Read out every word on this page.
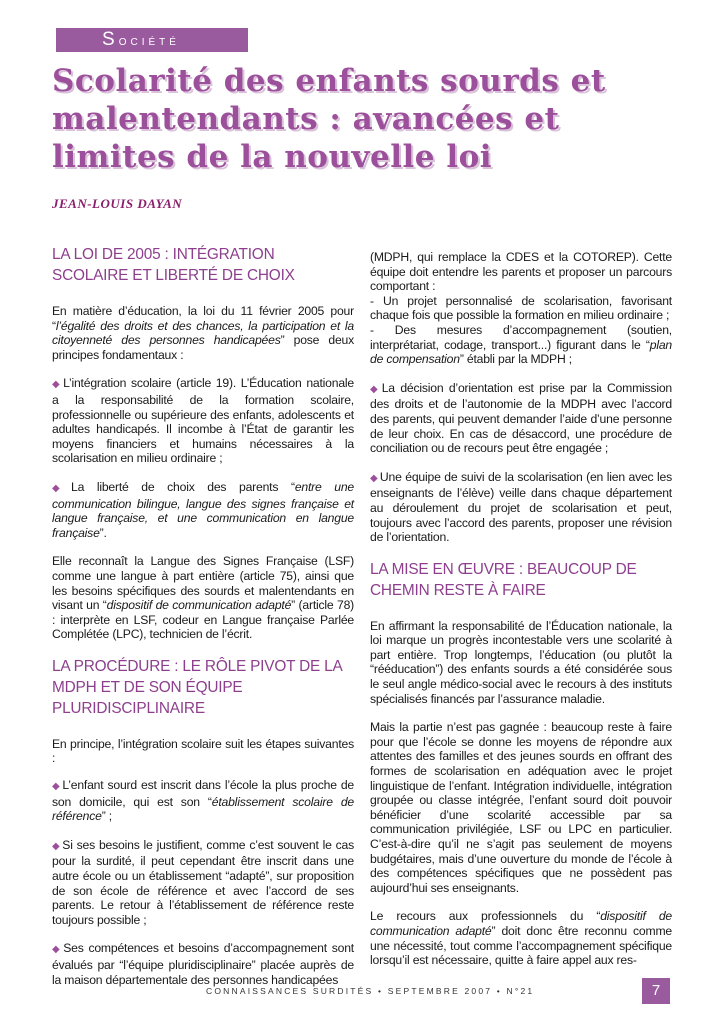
Société
Scolarité des enfants sourds et malentendants : avancées et limites de la nouvelle loi
JEAN-LOUIS DAYAN
LA LOI DE 2005 : INTÉGRATION SCOLAIRE ET LIBERTÉ DE CHOIX

En matière d’éducation, la loi du 11 février 2005 pour “l’égalité des droits et des chances, la participation et la citoyenneté des personnes handicapées” pose deux principes fondamentaux :

◆ L’intégration scolaire (article 19). L’Éducation nationale a la responsabilité de la formation scolaire, professionnelle ou supérieure des enfants, adolescents et adultes handicapés. Il incombe à l’État de garantir les moyens financiers et humains nécessaires à la scolarisation en milieu ordinaire ;

◆ La liberté de choix des parents “entre une communication bilingue, langue des signes française et langue française, et une communication en langue française”.

Elle reconnaît la Langue des Signes Française (LSF) comme une langue à part entière (article 75), ainsi que les besoins spécifiques des sourds et malentendants en visant un “dispositif de communication adapté” (article 78) : interprète en LSF, codeur en Langue française Parlée Complétée (LPC), technicien de l’écrit.

LA PROCÉDURE : LE RÔLE PIVOT DE LA MDPH ET DE SON ÉQUIPE PLURIDISCIPLINAIRE

En principe, l’intégration scolaire suit les étapes suivantes :

◆ L’enfant sourd est inscrit dans l’école la plus proche de son domicile, qui est son “établissement scolaire de référence” ;

◆ Si ses besoins le justifient, comme c’est souvent le cas pour la surdité, il peut cependant être inscrit dans une autre école ou un établissement “adapté”, sur proposition de son école de référence et avec l’accord de ses parents. Le retour à l’établissement de référence reste toujours possible ;

◆ Ses compétences et besoins d’accompagnement sont évalués par “l’équipe pluridisciplinaire” placée auprès de la maison départementale des personnes handicapées

(MDPH, qui remplace la CDES et la COTOREP). Cette équipe doit entendre les parents et proposer un parcours comportant :
- Un projet personnalisé de scolarisation, favorisant chaque fois que possible la formation en milieu ordinaire ;
- Des mesures d’accompagnement (soutien, interprétariat, codage, transport...) figurant dans le “plan de compensation” établi par la MDPH ;

◆ La décision d’orientation est prise par la Commission des droits et de l’autonomie de la MDPH avec l’accord des parents, qui peuvent demander l’aide d’une personne de leur choix. En cas de désaccord, une procédure de conciliation ou de recours peut être engagée ;

◆ Une équipe de suivi de la scolarisation (en lien avec les enseignants de l’élève) veille dans chaque département au déroulement du projet de scolarisation et peut, toujours avec l’accord des parents, proposer une révision de l’orientation.

LA MISE EN ŒUVRE : BEAUCOUP DE CHEMIN RESTE À FAIRE

En affirmant la responsabilité de l’Éducation nationale, la loi marque un progrès incontestable vers une scolarité à part entière. Trop longtemps, l’éducation (ou plutôt la “rééducation”) des enfants sourds a été considérée sous le seul angle médico-social avec le recours à des instituts spécialisés financés par l’assurance maladie.

Mais la partie n’est pas gagnée : beaucoup reste à faire pour que l’école se donne les moyens de répondre aux attentes des familles et des jeunes sourds en offrant des formes de scolarisation en adéquation avec le projet linguistique de l’enfant. Intégration individuelle, intégration groupée ou classe intégrée, l’enfant sourd doit pouvoir bénéficier d’une scolarité accessible par sa communication privilégiée, LSF ou LPC en particulier. C’est-à-dire qu’il ne s’agit pas seulement de moyens budgétaires, mais d’une ouverture du monde de l’école à des compétences spécifiques que ne possèdent pas aujourd’hui ses enseignants.

Le recours aux professionnels du “dispositif de communication adapté” doit donc être reconnu comme une nécessité, tout comme l’accompagnement spécifique lorsqu’il est nécessaire, quitte à faire appel aux res-

CONNAISSANCES SURDITÉS • SEPTEMBRE 2007 • N°21	7
